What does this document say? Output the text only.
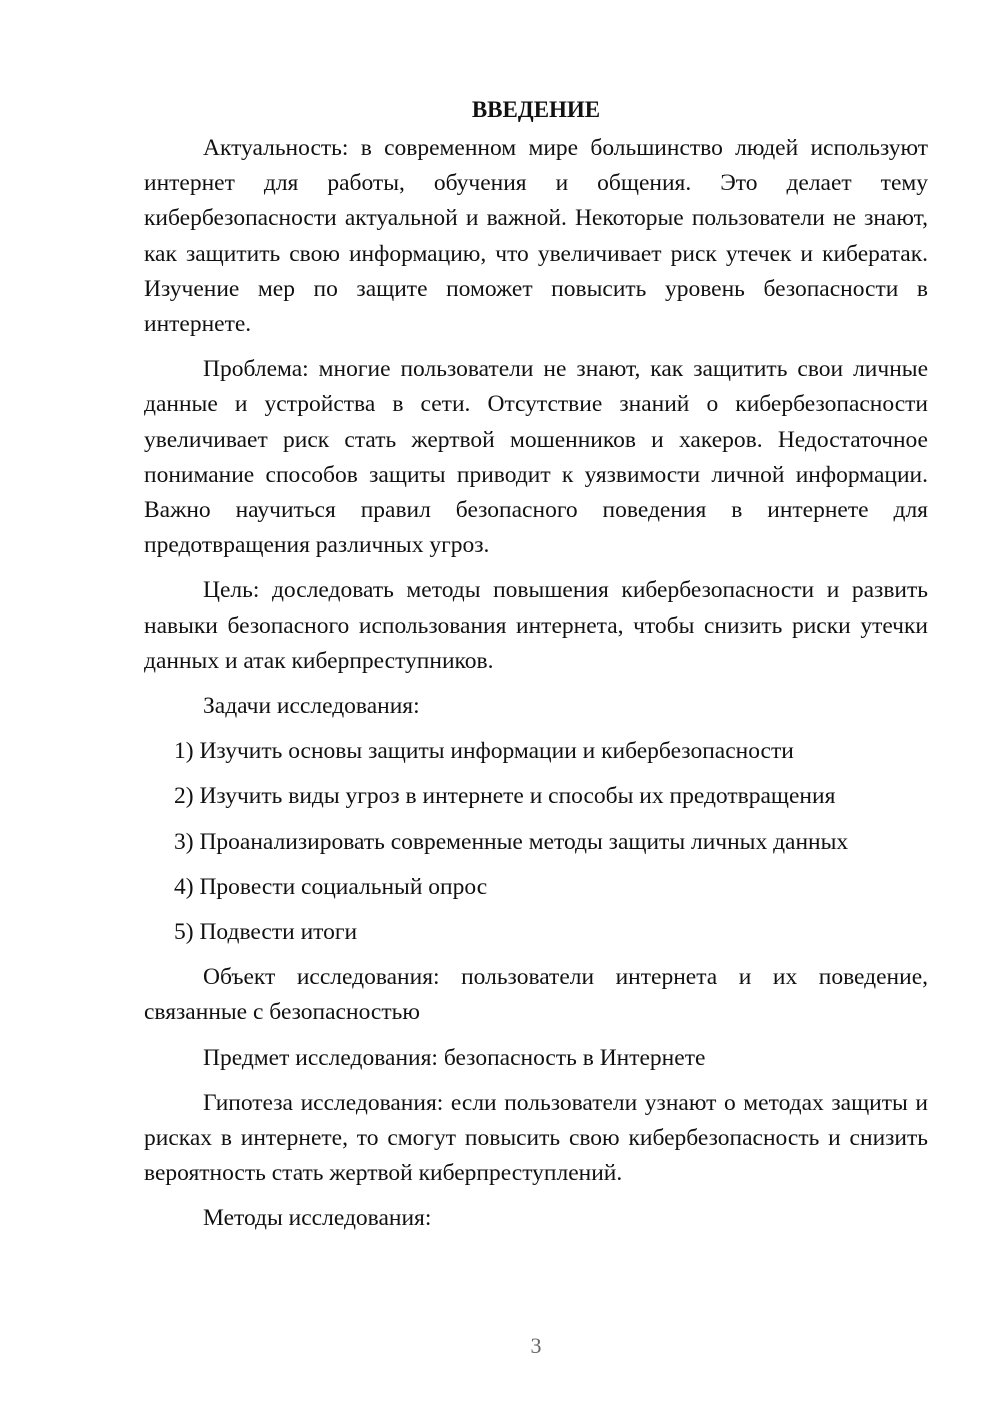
ВВЕДЕНИЕ

Актуальность: в современном мире большинство людей используют интернет для работы, обучения и общения. Это делает тему кибербезопасности актуальной и важной. Некоторые пользователи не знают, как защитить свою информацию, что увеличивает риск утечек и кибератак. Изучение мер по защите поможет повысить уровень безопасности в интернете.

Проблема: многие пользователи не знают, как защитить свои личные данные и устройства в сети. Отсутствие знаний о кибербезопасности увеличивает риск стать жертвой мошенников и хакеров. Недостаточное понимание способов защиты приводит к уязвимости личной информации. Важно научиться правил безопасного поведения в интернете для предотвращения различных угроз.

Цель: доследовать методы повышения кибербезопасности и развить навыки безопасного использования интернета, чтобы снизить риски утечки данных и атак киберпреступников.

Задачи исследования:

1) Изучить основы защиты информации и кибербезопасности
2) Изучить виды угроз в интернете и способы их предотвращения
3) Проанализировать современные методы защиты личных данных
4) Провести социальный опрос
5) Подвести итоги

Объект исследования: пользователи интернета и их поведение, связанные с безопасностью

Предмет исследования: безопасность в Интернете

Гипотеза исследования: если пользователи узнают о методах защиты и рисках в интернете, то смогут повысить свою кибербезопасность и снизить вероятность стать жертвой киберпреступлений.

Методы исследования:

3
